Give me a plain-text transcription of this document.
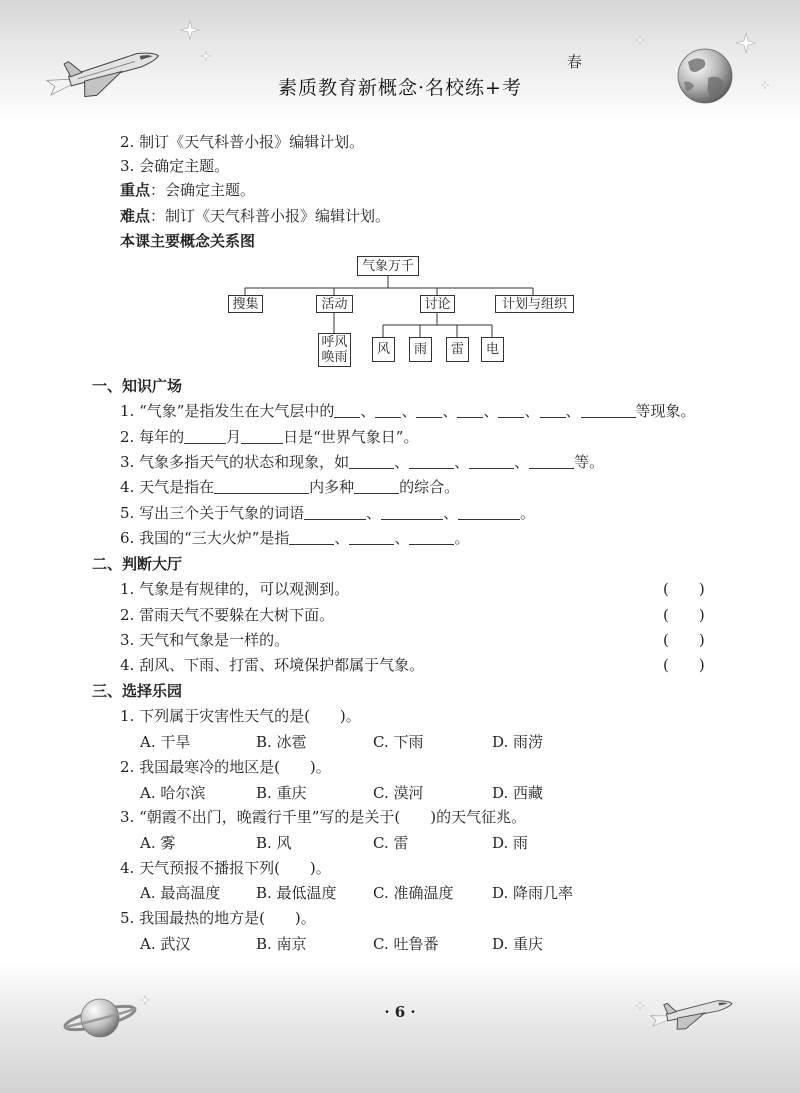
素质教育新概念·名校练+考
春
2. 制订《天气科普小报》编辑计划。
3. 会确定主题。
重点：会确定主题。
难点：制订《天气科普小报》编辑计划。
本课主要概念关系图
气象万千
搜集	活动	讨论	计划与组织
呼风唤雨
风	雨	雷	电
一、知识广场
1. “气象”是指发生在大气层中的 、 、 、 、 、 、	等现象。
2. 每年的	月	日是“世界气象日”。
3. 气象多指天气的状态和现象，如	、	、	、	等。
4. 天气是指在	内多种	的综合。
5. 写出三个关于气象的词语	、	、	。
6. 我国的“三大火炉”是指	、	、	。
二、判断大厅
1. 气象是有规律的，可以观测到。	(　　)
2. 雷雨天气不要躲在大树下面。	(　　)
3. 天气和气象是一样的。	(　　)
4. 刮风、下雨、打雷、环境保护都属于气象。	(　　)
三、选择乐园
1. 下列属于灾害性天气的是(　　)。
A. 干旱	B. 冰雹	C. 下雨	D. 雨涝
2. 我国最寒冷的地区是(　　)。
A. 哈尔滨	B. 重庆	C. 漠河	D. 西藏
3. “朝霞不出门，晚霞行千里”写的是关于(　　)的天气征兆。
A. 雾	B. 风	C. 雷	D. 雨
4. 天气预报不播报下列(　　)。
A. 最高温度 B. 最低温度 C. 准确温度	D. 降雨几率
5. 我国最热的地方是(　　)。
A. 武汉	B. 南京	C. 吐鲁番	D. 重庆
· 6 ·
